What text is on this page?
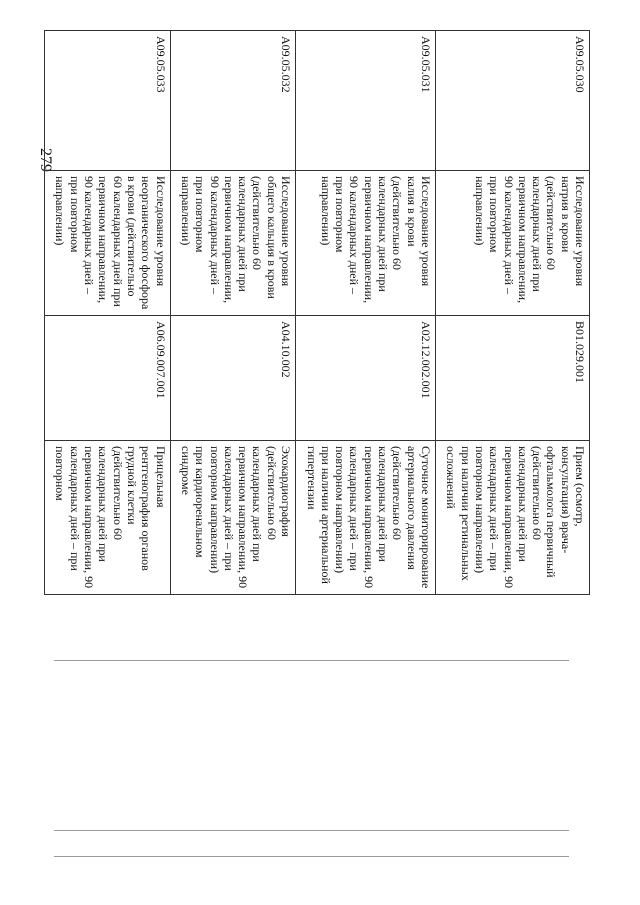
279
A09.05.030
Исследование уровня натрия в крови (действительно 60 календарных дней при первичном направлении, 90 календарных дней – при повторном направлении)
B01.029.001
Прием (осмотр, консультация) врача-офтальмолога первичный (действительно 60 календарных дней при первичном направлении, 90 календарных дней – при повторном направлении) при наличии ретинальных осложнений
A09.05.031
Исследование уровня калия в крови (действительно 60 календарных дней при первичном направлении, 90 календарных дней – при повторном направлении)
A02.12.002.001
Суточное мониторирование артериального давления (действительно 60 календарных дней при первичном направлении, 90 календарных дней – при повторном направлении) при наличии артериальной гипертензии
A09.05.032
Исследование уровня общего кальция в крови (действительно 60 календарных дней при первичном направлении, 90 календарных дней – при повторном направлении)
A04.10.002
Эхокардиография (действительно 60 календарных дней при первичном направлении, 90 календарных дней – при повторном направлении) при кардиоренальном синдроме
A09.05.033
Исследование уровня неорганического фосфора в крови (действительно 60 календарных дней при первичном направлении, 90 календарных дней – при повторном направлении)
A06.09.007.001
Прицельная рентгенография органов грудной клетки (действительно 60 календарных дней при первичном направлении, 90 календарных дней – при повторном
